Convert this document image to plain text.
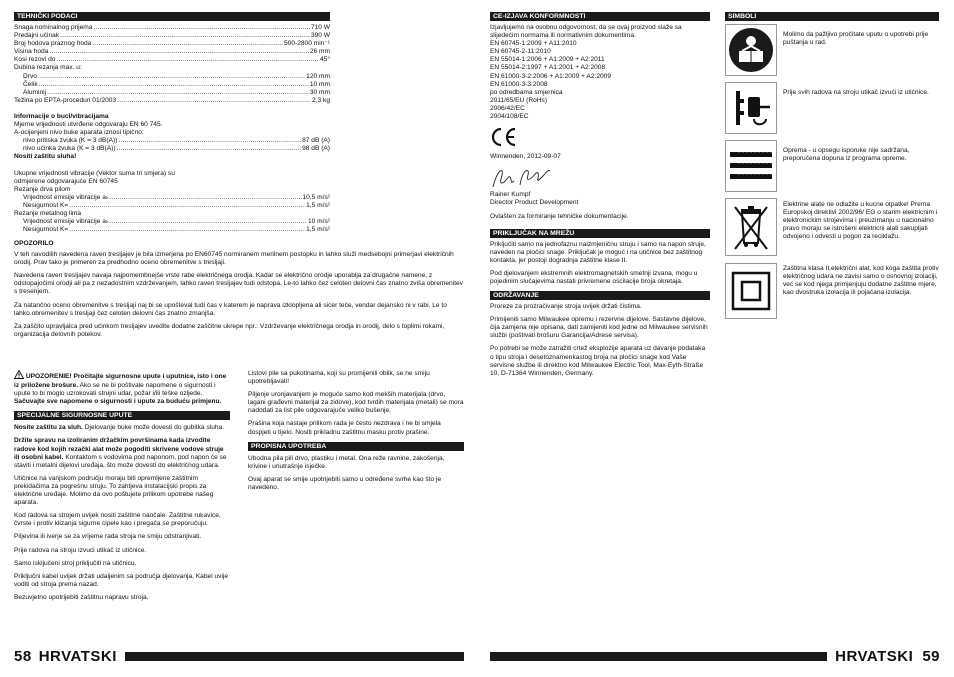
TEHNIČKI PODACI
Snaga nominalnog prijema .....	710 W
Predajni učinak .....	390 W
Broj hodova praznog hoda .....	500-2800 min⁻¹
Visina hoda .....	26 mm
Kosi rezovi do .....	45°
Dubina rezanja max. u:
Drvo .....	120 mm
Čelik .....	10 mm
Aluminij .....	30 mm
Težina po EPTA-proceduri 01/2003 .....	2,3 kg
Informacije o buci/vibracijama
Mjerne vrijednosti utvrđene odgovaraju EN 60 745.
A-ocijenjeni nivo buke aparata iznosi tipično:
nivo pritiska zvuka (K = 3 dB(A)) .....	87 dB (A)
nivo učinka zvuka (K = 3 dB(A)) .....	98 dB (A)
Nositi zaštitu sluha!
Ukupne vrijednosti vibracije (Vektor suma tri smjera) su
odmjerene odgovarajuće EN 60745
Rezanje drva pilom
Vrijednost emisije vibracije aₕ .....	10,5 m/s²
Nesigurnost K= .....	1,5 m/s²
Rezanje metalnog lima
Vrijednost emisije vibracije aₕ .....	10 m/s²
Nesigurnost K= .....	1,5 m/s²
OPOZORILO

V teh navodilih navedena raven tresljajev je bila izmerjena po EN60745 normiranem merilnem postopku in lahko služi medsebojni primerjavi električnih orodij. Prav tako je primeren za predhodno oceno obremenitve s tresljaji.

Navedena raven tresljajev navaja najpomembnejše vrste rabe električnega orodja. Kadar se električno orodje uporablja za drugačne namene, z odstopajočimi orodji ali pa z nezadostnim vzdrževanjem, lahko raven tresljajev tudi odstopa. Le-to lahko čez celoten delovni čas znatno zviša obremenitev s tresenjem.

Za natančno oceno obremenitve s tresljaji naj bi se upošteval tudi čas v katerem je naprava izklopljena ali sicer teče, vendar dejansko ni v rabi. Le to lahko obremenitev s tresljaji čez celoten delovni čas znatno zmanjša.

Za zaščito upravljalca pred učinkom tresljajev uvedite dodatne zaščitne ukrepe npr.: Vzdrževanje električnega orodja in orodij, delo s toplimi rokami, organizacija delovnih potekov.

UPOZORENIE! Pročitajte sigurnosne upute i uputnice, isto i one iz priložene brošure. Ako se ne bi poštivale napomene o sigurnosti i upute to bi moglo uzrokovati strujni udar, požar i/ili teške ozljede. Sačuvajte sve napomene o sigurnosti i upute za buduću primjenu.

SPECIJALNE SIGURNOSNE UPUTE

Nosite zaštitu za sluh. Djelovanje buke može dovesti do gubitka sluha.

Držite spravu na izoliranim držačkim površinama kada izvodite radove kod kojih rezački alat može pogoditi skrivene vodove struje ili osobni kabel. Kontaktom s vodovima pod naponom, pod napon će se staviti i metalni dijelovi uređaja, što može dovesti do električnog udara.

Utičnice na vanjskom području moraju biti opremljene zaštitnim prekidačima za pogrešnu struju. To zahtjeva instalacijski propis za električne uređaje. Molimo da ovo poštujete prilikom upotrebe našeg aparata.

Kod radova sa strojem uvijek nositi zaštitne naočale. Zaštitne rukavice, čvrste i protiv klizanja sigurne cipele kao i pregača se preporučuju.

Piljevina ili iverje se za vrijeme rada stroja ne smiju odstranjivati.

Prije radova na stroju izvući utikač iz utičnice.

Samo isključeni stroj priključiti na utičnicu.

Priključni kabel uvijek držati udaljenim sa područja djelovanja. Kabel uvije voditi od stroja prema nazad.

Bezuvjetno upotrijebiti zaštitnu napravu stroja.

Listovi pile sa pukotinama, koji su promijenili oblik, se ne smiju upotrebljavati!

Pilјenje uronjavanjem je moguće samo kod mekših materijala (drvo, lagani građevni materijal za zidove), kod tvrdih materijala (metali) se mora nadodati za list pile odgovarajuće veliko bušenje.

Prašina koja nastaje prilikom rada je često nezdrava i ne bi smjela dospjeti u tijelo. Nositi prikladnu zaštitnu masku protiv prašine.

PROPISNA UPOTREBA

Ubodna pila pili drvo, plastiku i metal. Ona reže ravnine, zakošenja, krivine i unutrašnje isječke.

Ovaj aparat se smije upotrijebiti samo u određene svrhe kao što je navedeno.

58 HRVATSKI
CE-IZJAVA KONFORMNOSTI
Izjavljujemo na osobnu odgovornost, da se ovaj proizvod slaže sa slijedećim normama ili normativnim dokumentima.
EN 60745-1:2009 + A11:2010
EN 60745-2-11:2010
EN 55014-1:2006 + A1:2009 + A2:2011
EN 55014-2:1997 + A1:2001 + A2:2008
EN 61000-3-2:2006 + A1:2009 + A2:2009
EN 61000-3-3:2008
po odredbama smjernica
2011/65/EU (RoHs)
2006/42/EC
2004/108/EC
Winnenden, 2012-09-07
Rainer Kumpf
Director Product Development
Ovlašten za formiranje tehničke dokumentacije.
PRIKLJUČAK NA MREŽU

Priključiti samo na jednofaznu naizmjeničnu struju i samo na napon struje, naveden na pločici snage. Priključak je moguć i na utičnice bez zaštitnog kontakta, jer postoji dogradnja zaštitne klase II.

Pod djelovanjem ekstremnih elektromagnetskih smetnji izvana, mogu u pojedinim slučajevima nastati privremene oscilacije broja okretaja.

ODRŽAVANJE

Proreze za prozračivanje stroja uvijek držati čistima.

Primijeniti samo Milwaukee opremu i rezervne dijelove. Sastavne dijelove, čija zamjena nije opisana, dati zamijeniti kod jedne od Milwaukee servisnih službi (poštivati brošuru Garancija/Adrese servisa).

Po potrebi se može zatražiti crtež eksplozije aparata uz davanje podataka o tipu stroja i desetoznamenkastog broja na pločici snage kod Vaše servisne službe ili direktno kod Milwaukee Electric Tool, Max-Eyth-Straße 10, D-71364 Winnenden, Germany.

SIMBOLI
Molimo da pažljivo pročitate uputu o upotrebi prije puštanja u rad.
Prije svih radova na stroju utikač izvući iz utičnice.
Oprema - u opsegu isporuke nije sadržana, preporučena dopuna iz programa opreme.
Elektrinе alate ne odlažite u kucne otpatke! Prema Europskoj direktivi 2002/96/ EG o starim elektricnim i elektronickim strojevima i preuzimanju u nacionalno pravo moraju se istrošeni elektricni alati sakupljati odvojeno i odvesti u pogon za reciklažu.
Zaštitna klasa II,električni alat, kod koga zaštita protiv električnog udara ne zavisi samo o osnovnoj izolaciji, već se kod njega primjenjuju dodatne zaštitne mjere, kao dvostruka izolacija ili pojačana izolacija.
HRVATSKI 59
